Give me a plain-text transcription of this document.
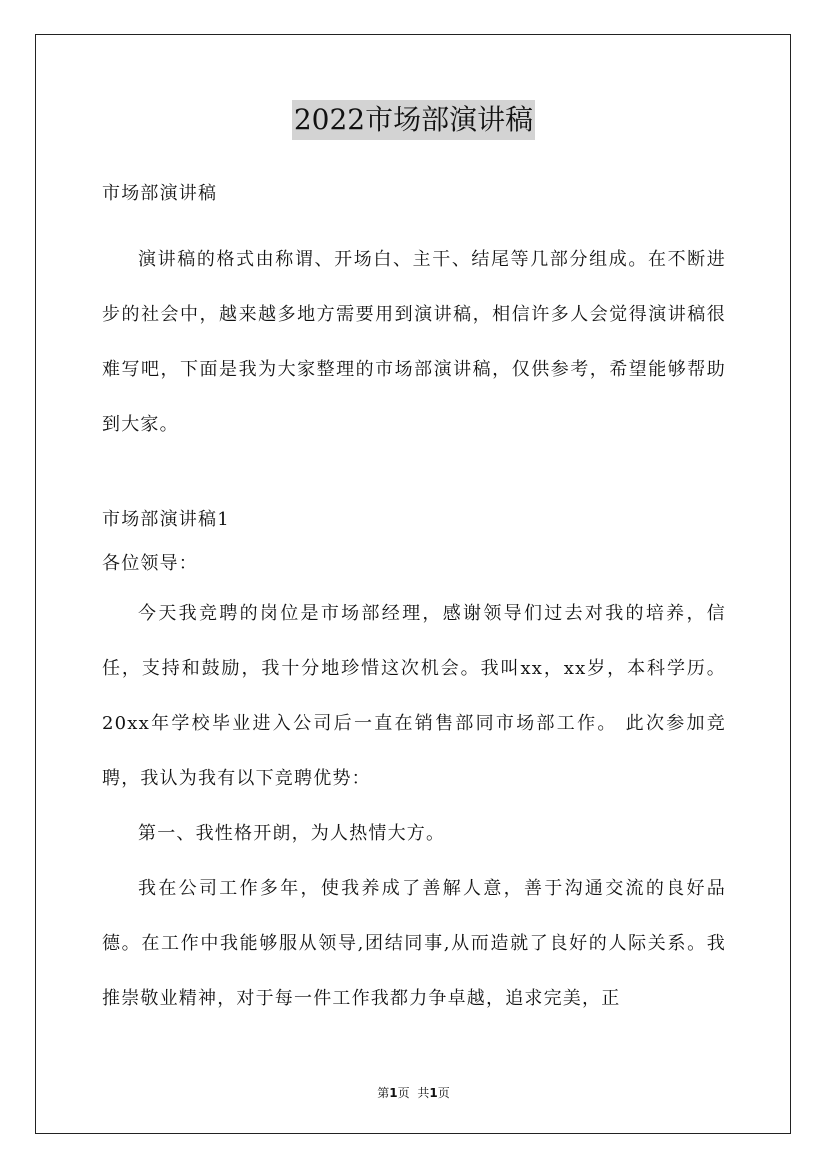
2022市场部演讲稿

市场部演讲稿

演讲稿的格式由称谓、开场白、主干、结尾等几部分组成。在不断进步的社会中，越来越多地方需要用到演讲稿，相信许多人会觉得演讲稿很难写吧，下面是我为大家整理的市场部演讲稿，仅供参考，希望能够帮助到大家。

市场部演讲稿1

各位领导：

今天我竞聘的岗位是市场部经理，感谢领导们过去对我的培养，信任，支持和鼓励，我十分地珍惜这次机会。我叫xx，xx岁，本科学历。20xx年学校毕业进入公司后一直在销售部同市场部工作。 此次参加竞聘，我认为我有以下竞聘优势：

第一、我性格开朗，为人热情大方。

我在公司工作多年，使我养成了善解人意，善于沟通交流的良好品德。在工作中我能够服从领导,团结同事,从而造就了良好的人际关系。我推崇敬业精神，对于每一件工作我都力争卓越，追求完美，正

第1页 共1页
